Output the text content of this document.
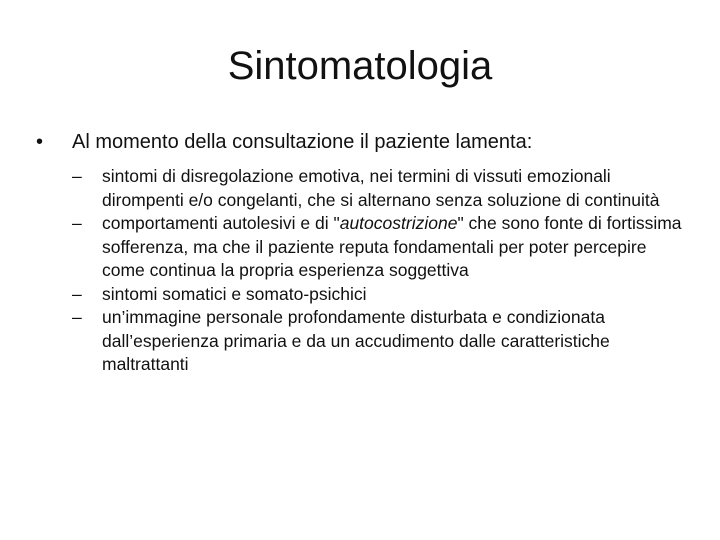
Sintomatologia
•	Al momento della consultazione il paziente lamenta:
–	sintomi di disregolazione emotiva, nei termini di vissuti emozionali dirompenti e/o congelanti, che si alternano senza soluzione di continuità
–	comportamenti autolesivi e di "autocostrizione" che sono fonte di fortissima sofferenza, ma che il paziente reputa fondamentali per poter percepire come continua la propria esperienza soggettiva
–	sintomi somatici e somato-psichici
–	un’immagine personale profondamente disturbata e condizionata dall’esperienza primaria e da un accudimento dalle caratteristiche maltrattanti
